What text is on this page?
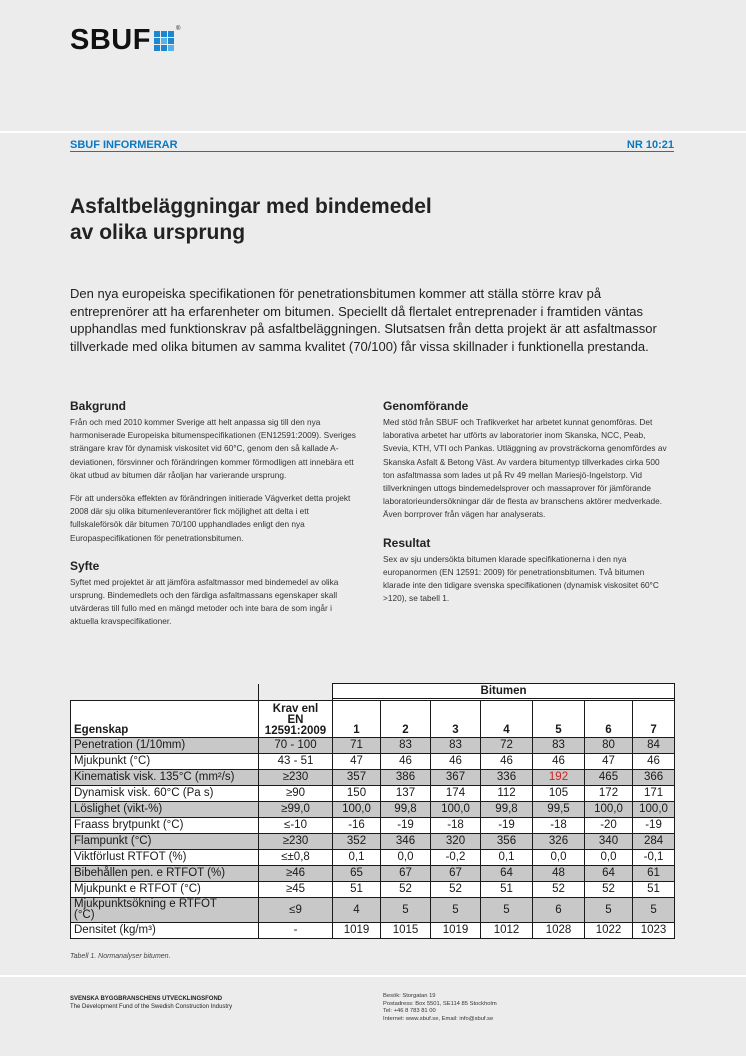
SBUF	®
SBUF INFORMERAR	NR 10:21
Asfaltbeläggningar med bindemedel
av olika ursprung

Den nya europeiska specifikationen för penetrationsbitumen kommer att ställa större krav på entreprenörer att ha erfarenheter om bitumen. Speciellt då flertalet entreprenader i framtiden väntas upphandlas med funktionskrav på asfaltbeläggningen. Slutsatsen från detta projekt är att asfaltmassor tillverkade med olika bitumen av samma kvalitet (70/100) får vissa skillnader i funktionella prestanda.

Bakgrund

Från och med 2010 kommer Sverige att helt anpassa sig till den nya harmoniserade Europeiska bitumenspecifikationen (EN12591:2009). Sveriges strängare krav för dynamisk viskositet vid 60°C, genom den så kallade A-deviationen, försvinner och förändringen kommer förmodligen att innebära ett ökat utbud av bitumen där råoljan har varierande ursprung.

För att undersöka effekten av förändringen initierade Vägverket detta projekt 2008 där sju olika bitumenleverantörer fick möjlighet att delta i ett fullskaleförsök där bitumen 70/100 upphandlades enligt den nya Europaspecifikationen för penetrationsbitumen.

Syfte

Syftet med projektet är att jämföra asfaltmassor med bindemedel av olika ursprung. Bindemedlets och den färdiga asfaltmassans egenskaper skall utvärderas till fullo med en mängd metoder och inte bara de som ingår i aktuella kravspecifikationer.

Genomförande

Med stöd från SBUF och Trafikverket har arbetet kunnat genomföras. Det laborativa arbetet har utförts av laboratorier inom Skanska, NCC, Peab, Svevia, KTH, VTI och Pankas. Utläggning av provsträckorna genomfördes av Skanska Asfalt & Betong Väst. Av vardera bitumentyp tillverkades cirka 500 ton asfaltmassa som lades ut på Rv 49 mellan Mariesjö-Ingelstorp. Vid tillverkningen uttogs bindemedelsprover och massaprover för jämförande laboratorieundersökningar där de flesta av branschens aktörer medverkade. Även borrprover från vägen har analyserats.

Resultat

Sex av sju undersökta bitumen klarade specifikationerna i den nya europanormen (EN 12591: 2009) för penetrationsbitumen. Två bitumen klarade inte den tidigare svenska specifikationen (dynamisk viskositet 60°C >120), se tabell 1.

		Bitumen						

Egenskap	Krav enl
EN
12591:2009	1	2	3	4	5	6	7
Penetration (1/10mm)	70 - 100	71	83	83	72	83	80	84
Mjukpunkt (°C)	43 - 51	47	46	46	46	46	47	46
Kinematisk visk. 135°C (mm²/s)	≥230	357	386	367	336	192	465	366
Dynamisk visk. 60°C (Pa s)	≥90	150	137	174	112	105	172	171
Löslighet (vikt-%)	≥99,0	100,0	99,8	100,0	99,8	99,5	100,0	100,0
Fraass brytpunkt (°C)	≤-10	-16	-19	-18	-19	-18	-20	-19
Flampunkt (°C)	≥230	352	346	320	356	326	340	284
Viktförlust RTFOT (%)	≤±0,8	0,1	0,0	-0,2	0,1	0,0	0,0	-0,1
Bibehållen pen. e RTFOT (%)	≥46	65	67	67	64	48	64	61
Mjukpunkt e RTFOT (°C)	≥45	51	52	52	51	52	52	51
Mjukpunktsökning e RTFOT
(°C)	≤9	4	5	5	5	6	5	5
Densitet (kg/m³)	-	1019	1015	1019	1012	1028	1022	1023
Tabell 1. Normanalyser bitumen.
SVENSKA BYGGBRANSCHENS UTVECKLINGSFOND
The Development Fund of the Swedish Construction Industry
Besök: Storgatan 19
Postadress: Box 5501, SE114 85 Stockholm
Tel: +46 8 783 81 00
Internet: www.sbuf.se, Email: info@sbuf.se
